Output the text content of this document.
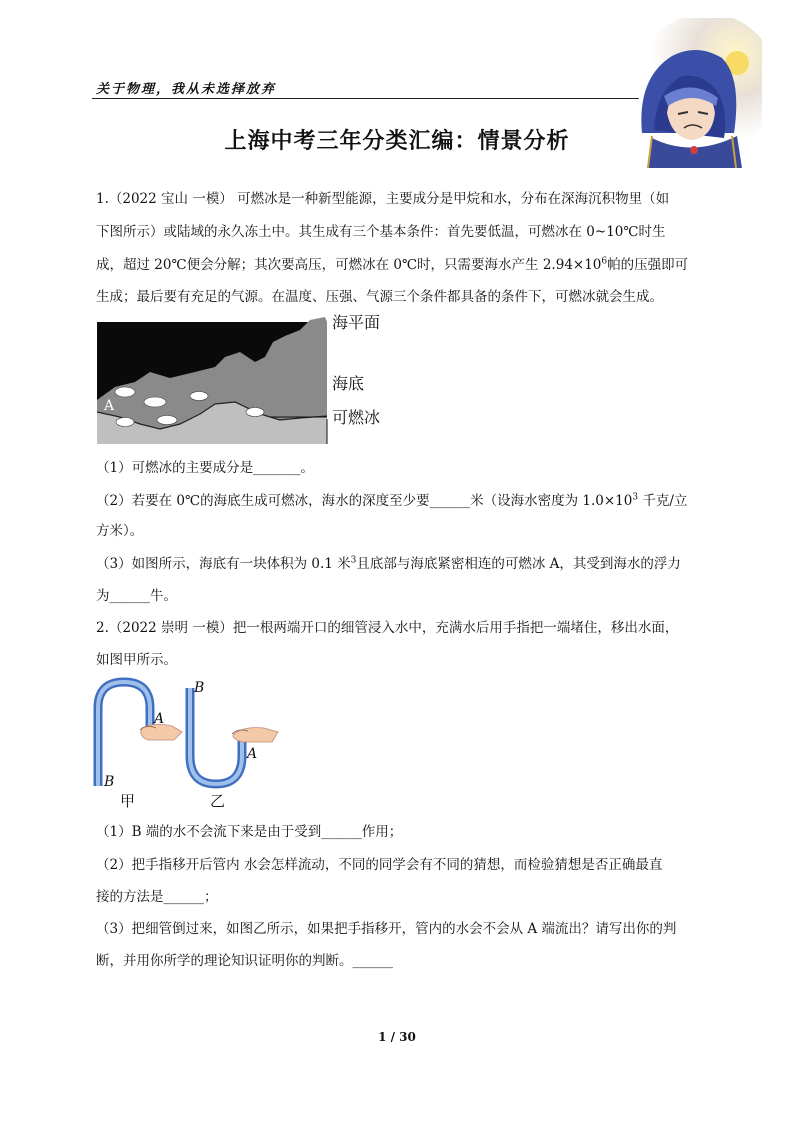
关于物理，我从未选择放弃
上海中考三年分类汇编：情景分析
1.（2022 宝山 一模） 可燃冰是一种新型能源，主要成分是甲烷和水，分布在深海沉积物里（如
下图所示）或陆域的永久冻土中。其生成有三个基本条件：首先要低温，可燃冰在 0~10℃时生
成，超过 20℃便会分解；其次要高压，可燃冰在 0℃时，只需要海水产生 $2.94\times 10^6$帕的压强即可
生成；最后要有充足的气源。在温度、压强、气源三个条件都具备的条件下，可燃冰就会生成。
A
海平面
海底
可燃冰
（1）可燃冰的主要成分是_______。
（2）若要在 0℃的海底生成可燃冰，海水的深度至少要______米（设海水密度为 $1.0\times 10^3$ 千克/立
方米）。
（3）如图所示，海底有一块体积为 0.1 米$^3$且底部与海底紧密相连的可燃冰 A，其受到海水的浮力
为______牛。
2.（2022 崇明 一模）把一根两端开口的细管浸入水中，充满水后用手指把一端堵住，移出水面，
如图甲所示。
A
B
甲
B
A
乙
（1）B 端的水不会流下来是由于受到______作用；
（2）把手指移开后管内 水会怎样流动，不同的同学会有不同的猜想，而检验猜想是否正确最直
接的方法是______；
（3）把细管倒过来，如图乙所示，如果把手指移开，管内的水会不会从 A 端流出？请写出你的判
断，并用你所学的理论知识证明你的判断。______
1 / 30
